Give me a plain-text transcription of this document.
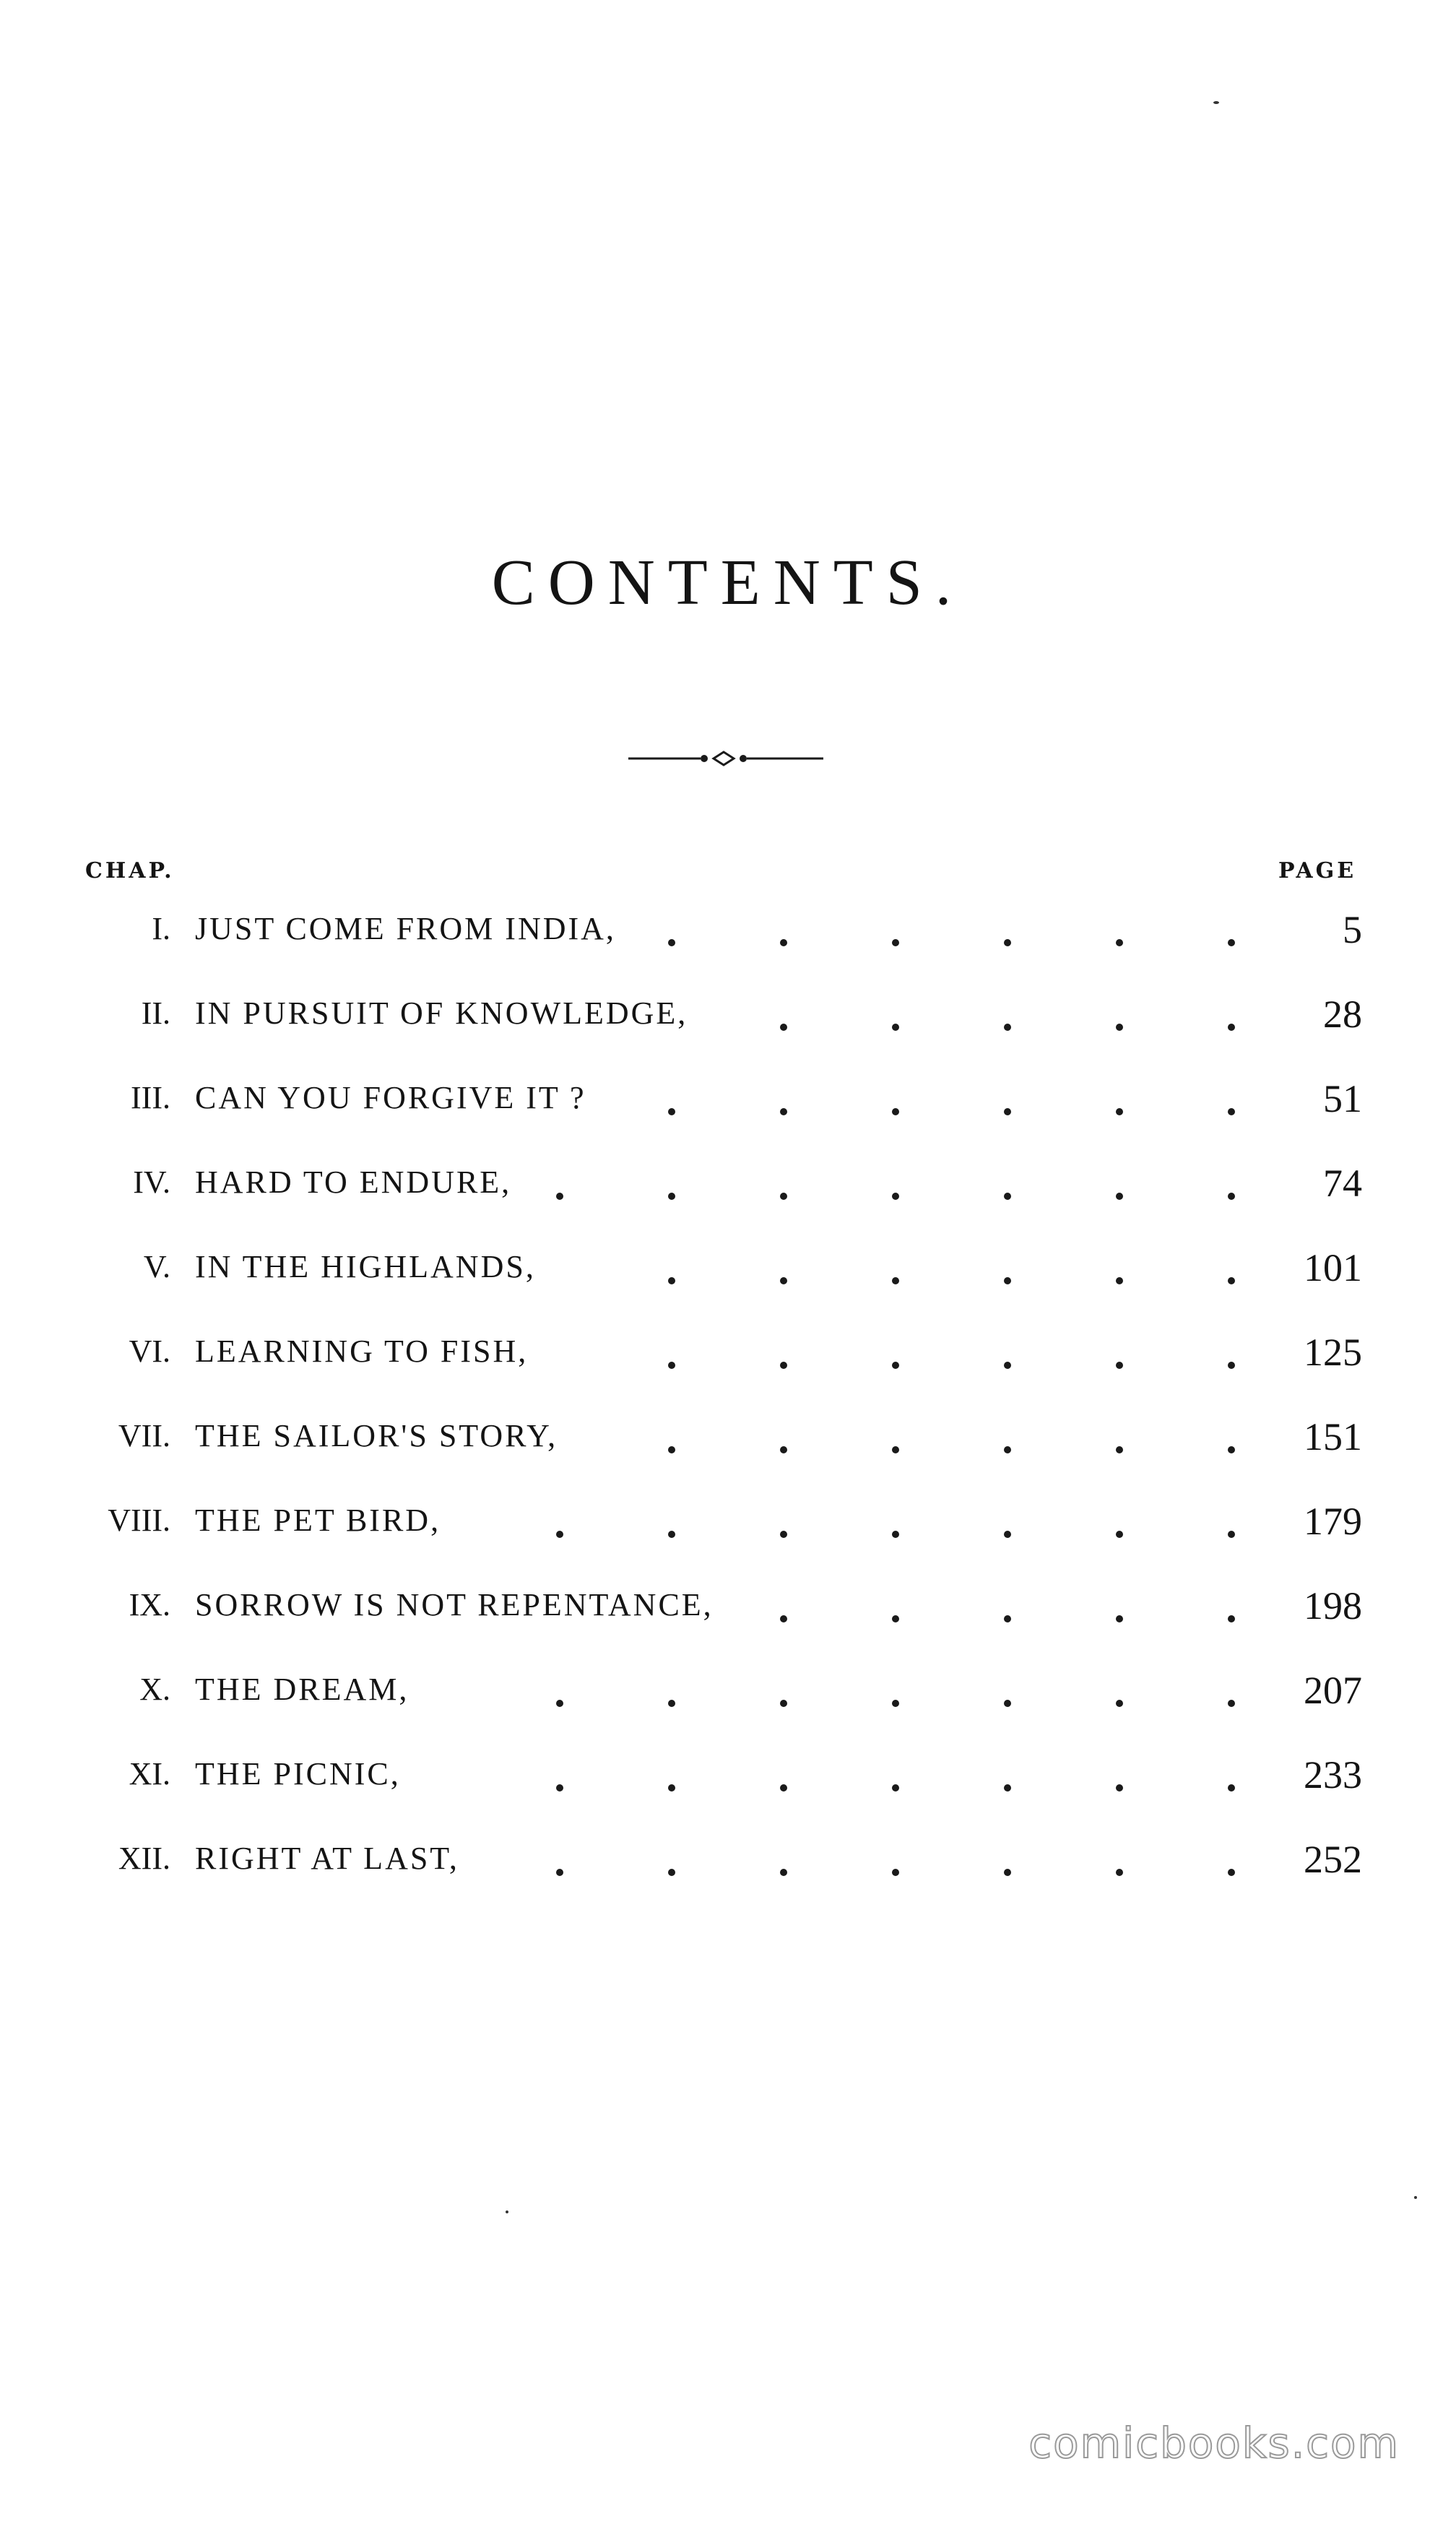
CONTENTS.
CHAP.	PAGE
I. JUST COME FROM INDIA,	5
II. IN PURSUIT OF KNOWLEDGE,	28
III. CAN YOU FORGIVE IT ?	51
IV. HARD TO ENDURE,	74
V. IN THE HIGHLANDS,	101
VI. LEARNING TO FISH,	125
VII. THE SAILOR'S STORY,	151
VIII. THE PET BIRD,	179
IX. SORROW IS NOT REPENTANCE,	198
X. THE DREAM,	207
XI. THE PICNIC,	233
XII. RIGHT AT LAST,	252
comicbooks.com
